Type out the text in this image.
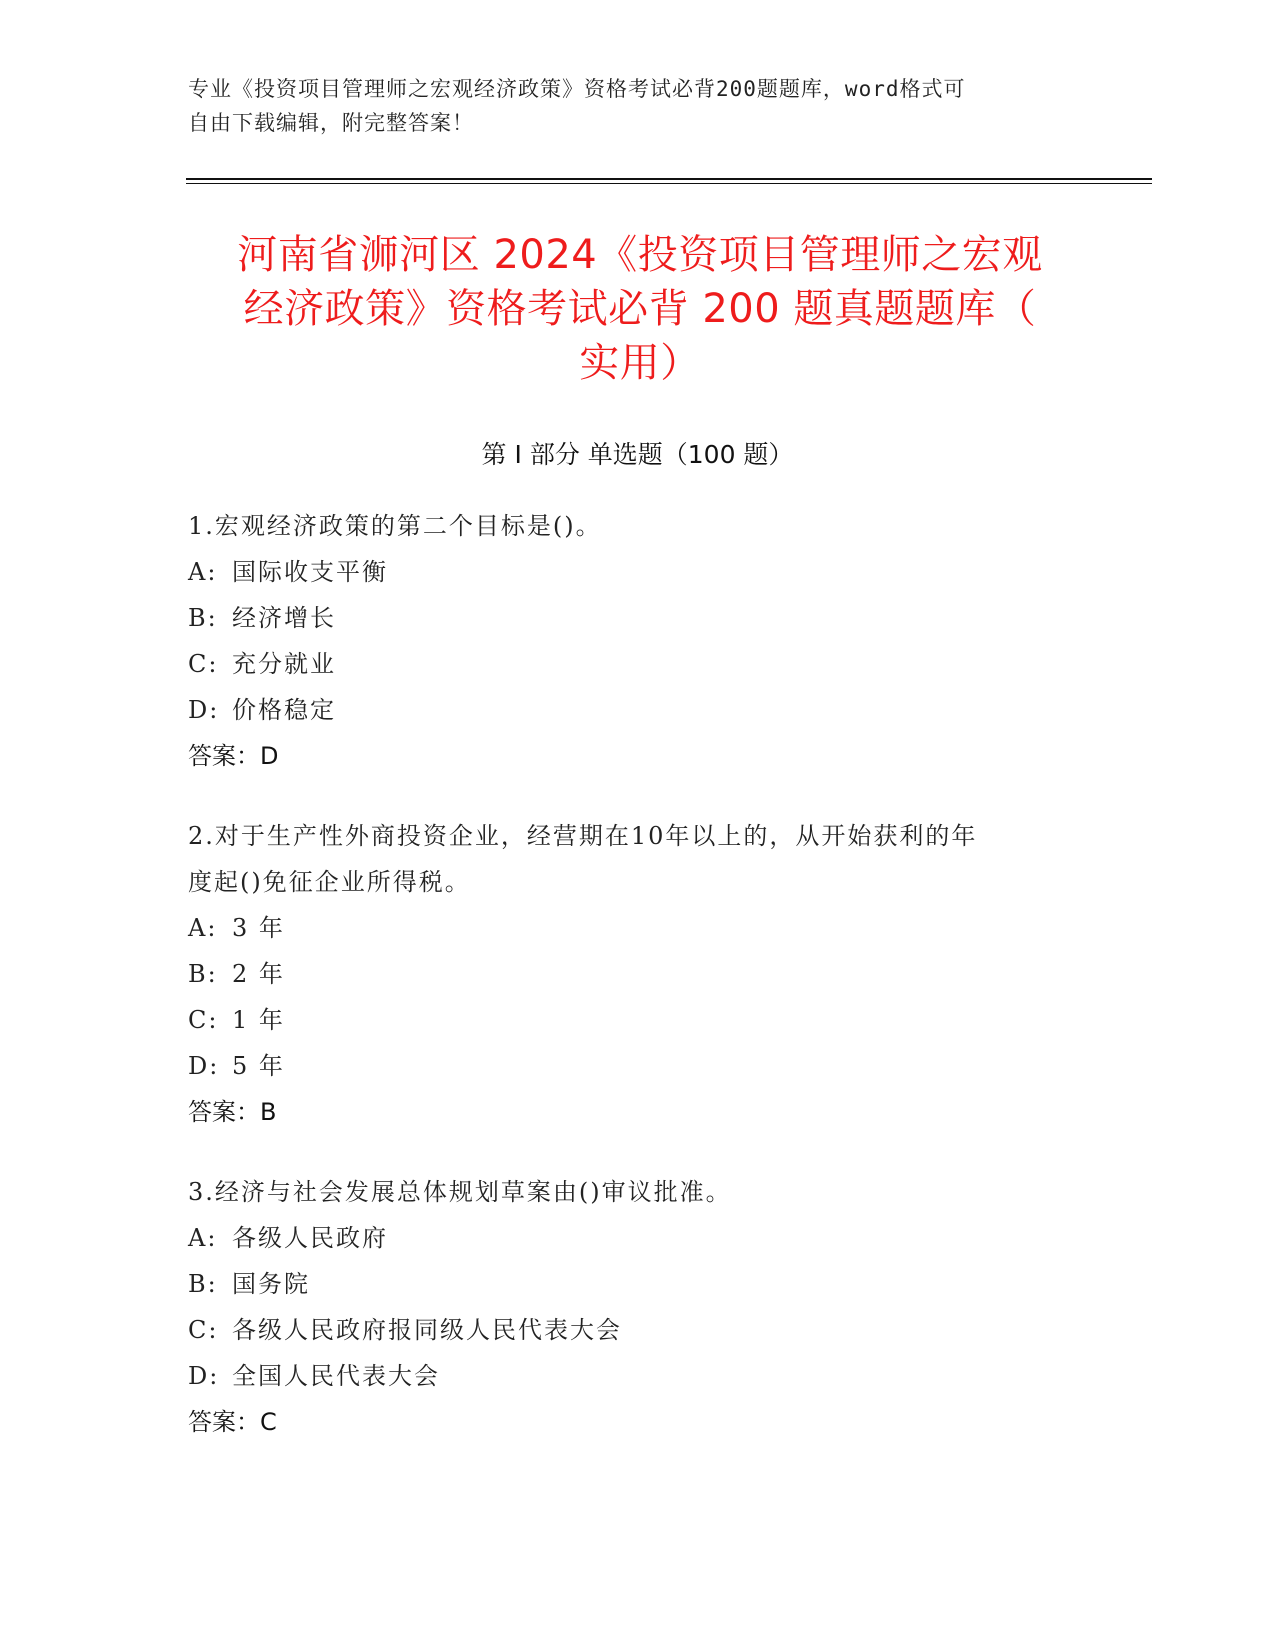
专业《投资项目管理师之宏观经济政策》资格考试必背200题题库，word格式可
自由下载编辑，附完整答案！
河南省浉河区 2024《投资项目管理师之宏观
经济政策》资格考试必背 200 题真题题库（
实用）
第 I 部分 单选题（100 题）

1.宏观经济政策的第二个目标是()。

A: 国际收支平衡

B: 经济增长

C: 充分就业

D: 价格稳定

答案：D

2.对于生产性外商投资企业，经营期在10年以上的，从开始获利的年

度起()免征企业所得税。

A: 3 年

B: 2 年

C: 1 年

D: 5 年

答案：B

3.经济与社会发展总体规划草案由()审议批准。

A: 各级人民政府

B: 国务院

C: 各级人民政府报同级人民代表大会

D: 全国人民代表大会

答案：C
